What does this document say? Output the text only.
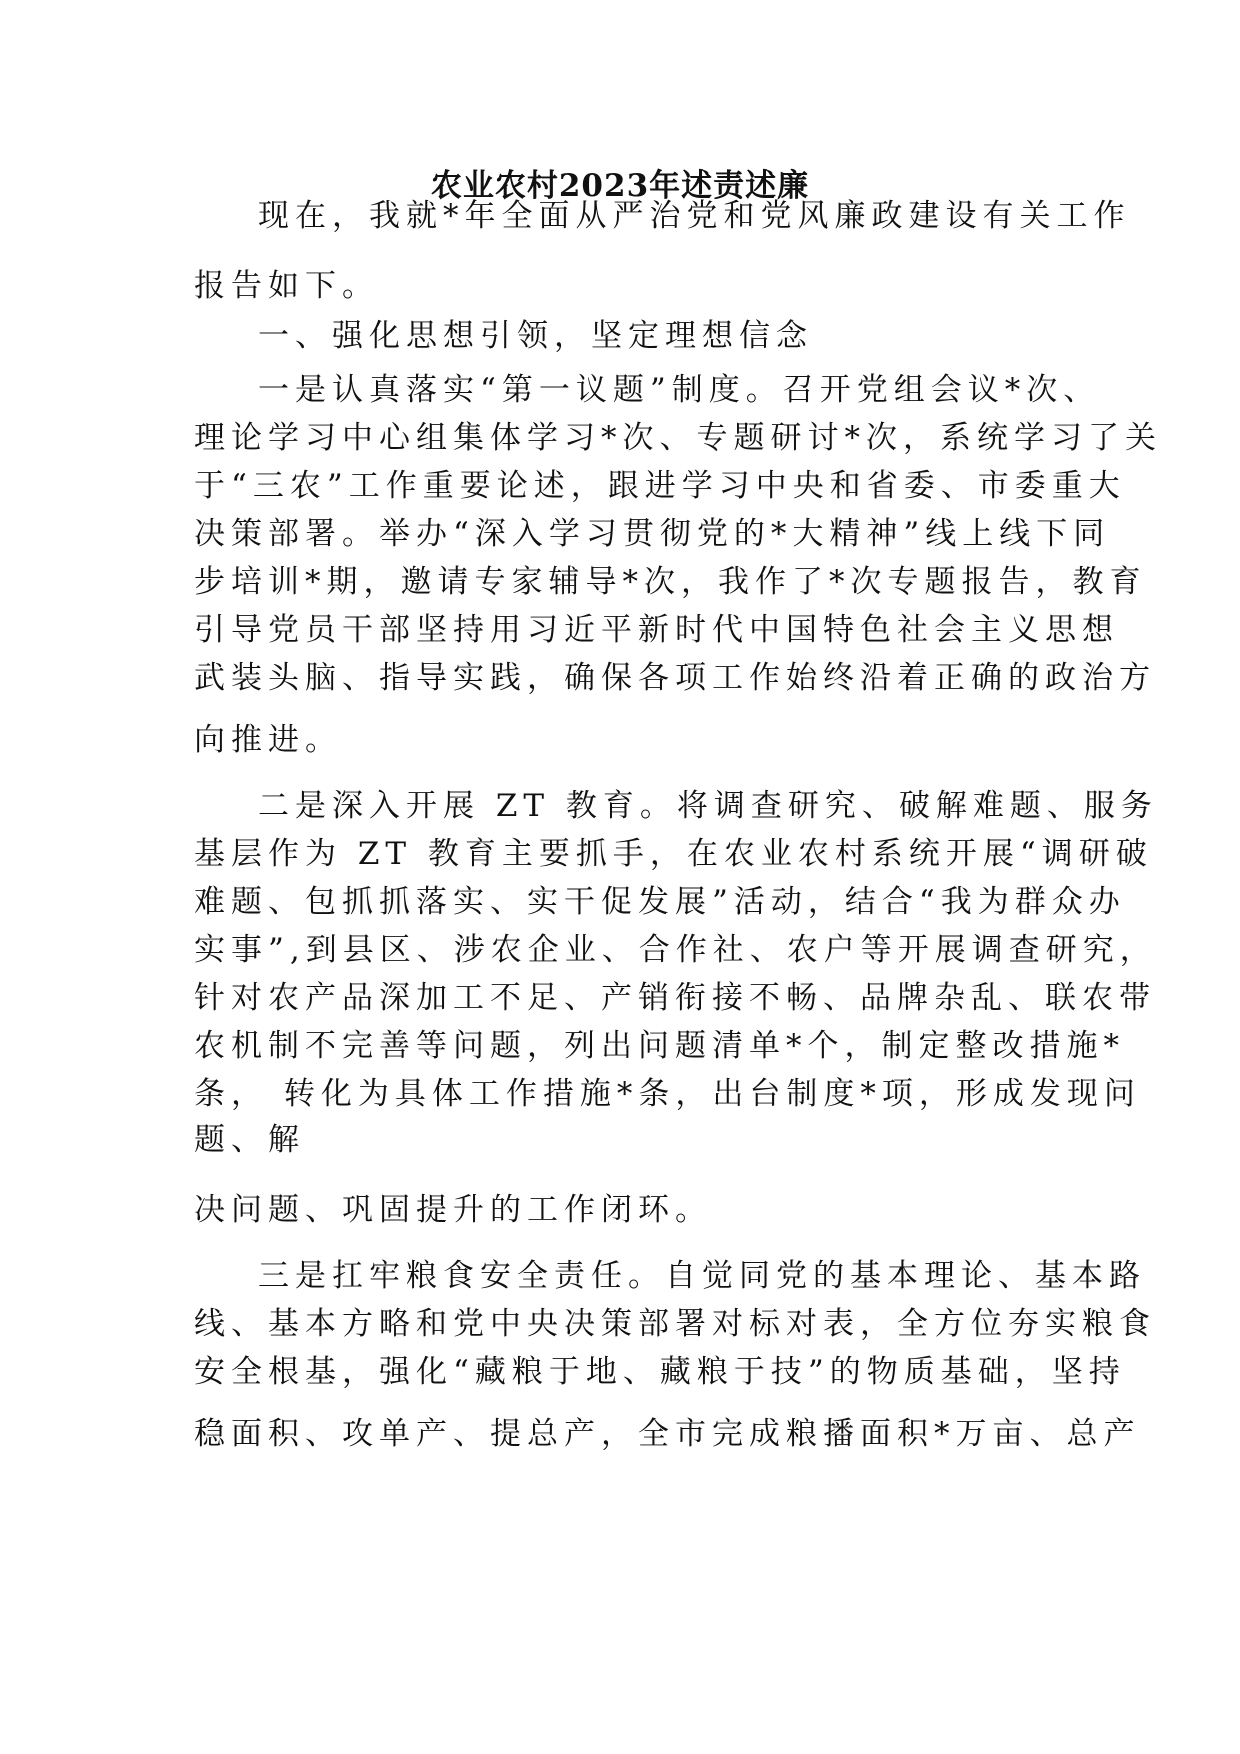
农业农村2023年述责述廉
现在，我就*年全面从严治党和党风廉政建设有关工作
报告如下。
一、强化思想引领，坚定理想信念
一是认真落实“第一议题”制度。召开党组会议*次、
理论学习中心组集体学习*次、专题研讨*次，系统学习了关
于“三农”工作重要论述，跟进学习中央和省委、市委重大
决策部署。举办“深入学习贯彻党的*大精神”线上线下同
步培训*期，邀请专家辅导*次，我作了*次专题报告，教育
引导党员干部坚持用习近平新时代中国特色社会主义思想
武装头脑、指导实践，确保各项工作始终沿着正确的政治方
向推进。
二是深入开展 ZT 教育。将调查研究、破解难题、服务
基层作为 ZT 教育主要抓手，在农业农村系统开展“调研破
难题、包抓抓落实、实干促发展”活动，结合“我为群众办
实事”,到县区、涉农企业、合作社、农户等开展调查研究，
针对农产品深加工不足、产销衔接不畅、品牌杂乱、联农带
农机制不完善等问题，列出问题清单*个，制定整改措施*
条， 转化为具体工作措施*条，出台制度*项，形成发现问
题、解
决问题、巩固提升的工作闭环。
三是扛牢粮食安全责任。自觉同党的基本理论、基本路
线、基本方略和党中央决策部署对标对表，全方位夯实粮食
安全根基，强化“藏粮于地、藏粮于技”的物质基础，坚持
稳面积、攻单产、提总产，全市完成粮播面积*万亩、总产
